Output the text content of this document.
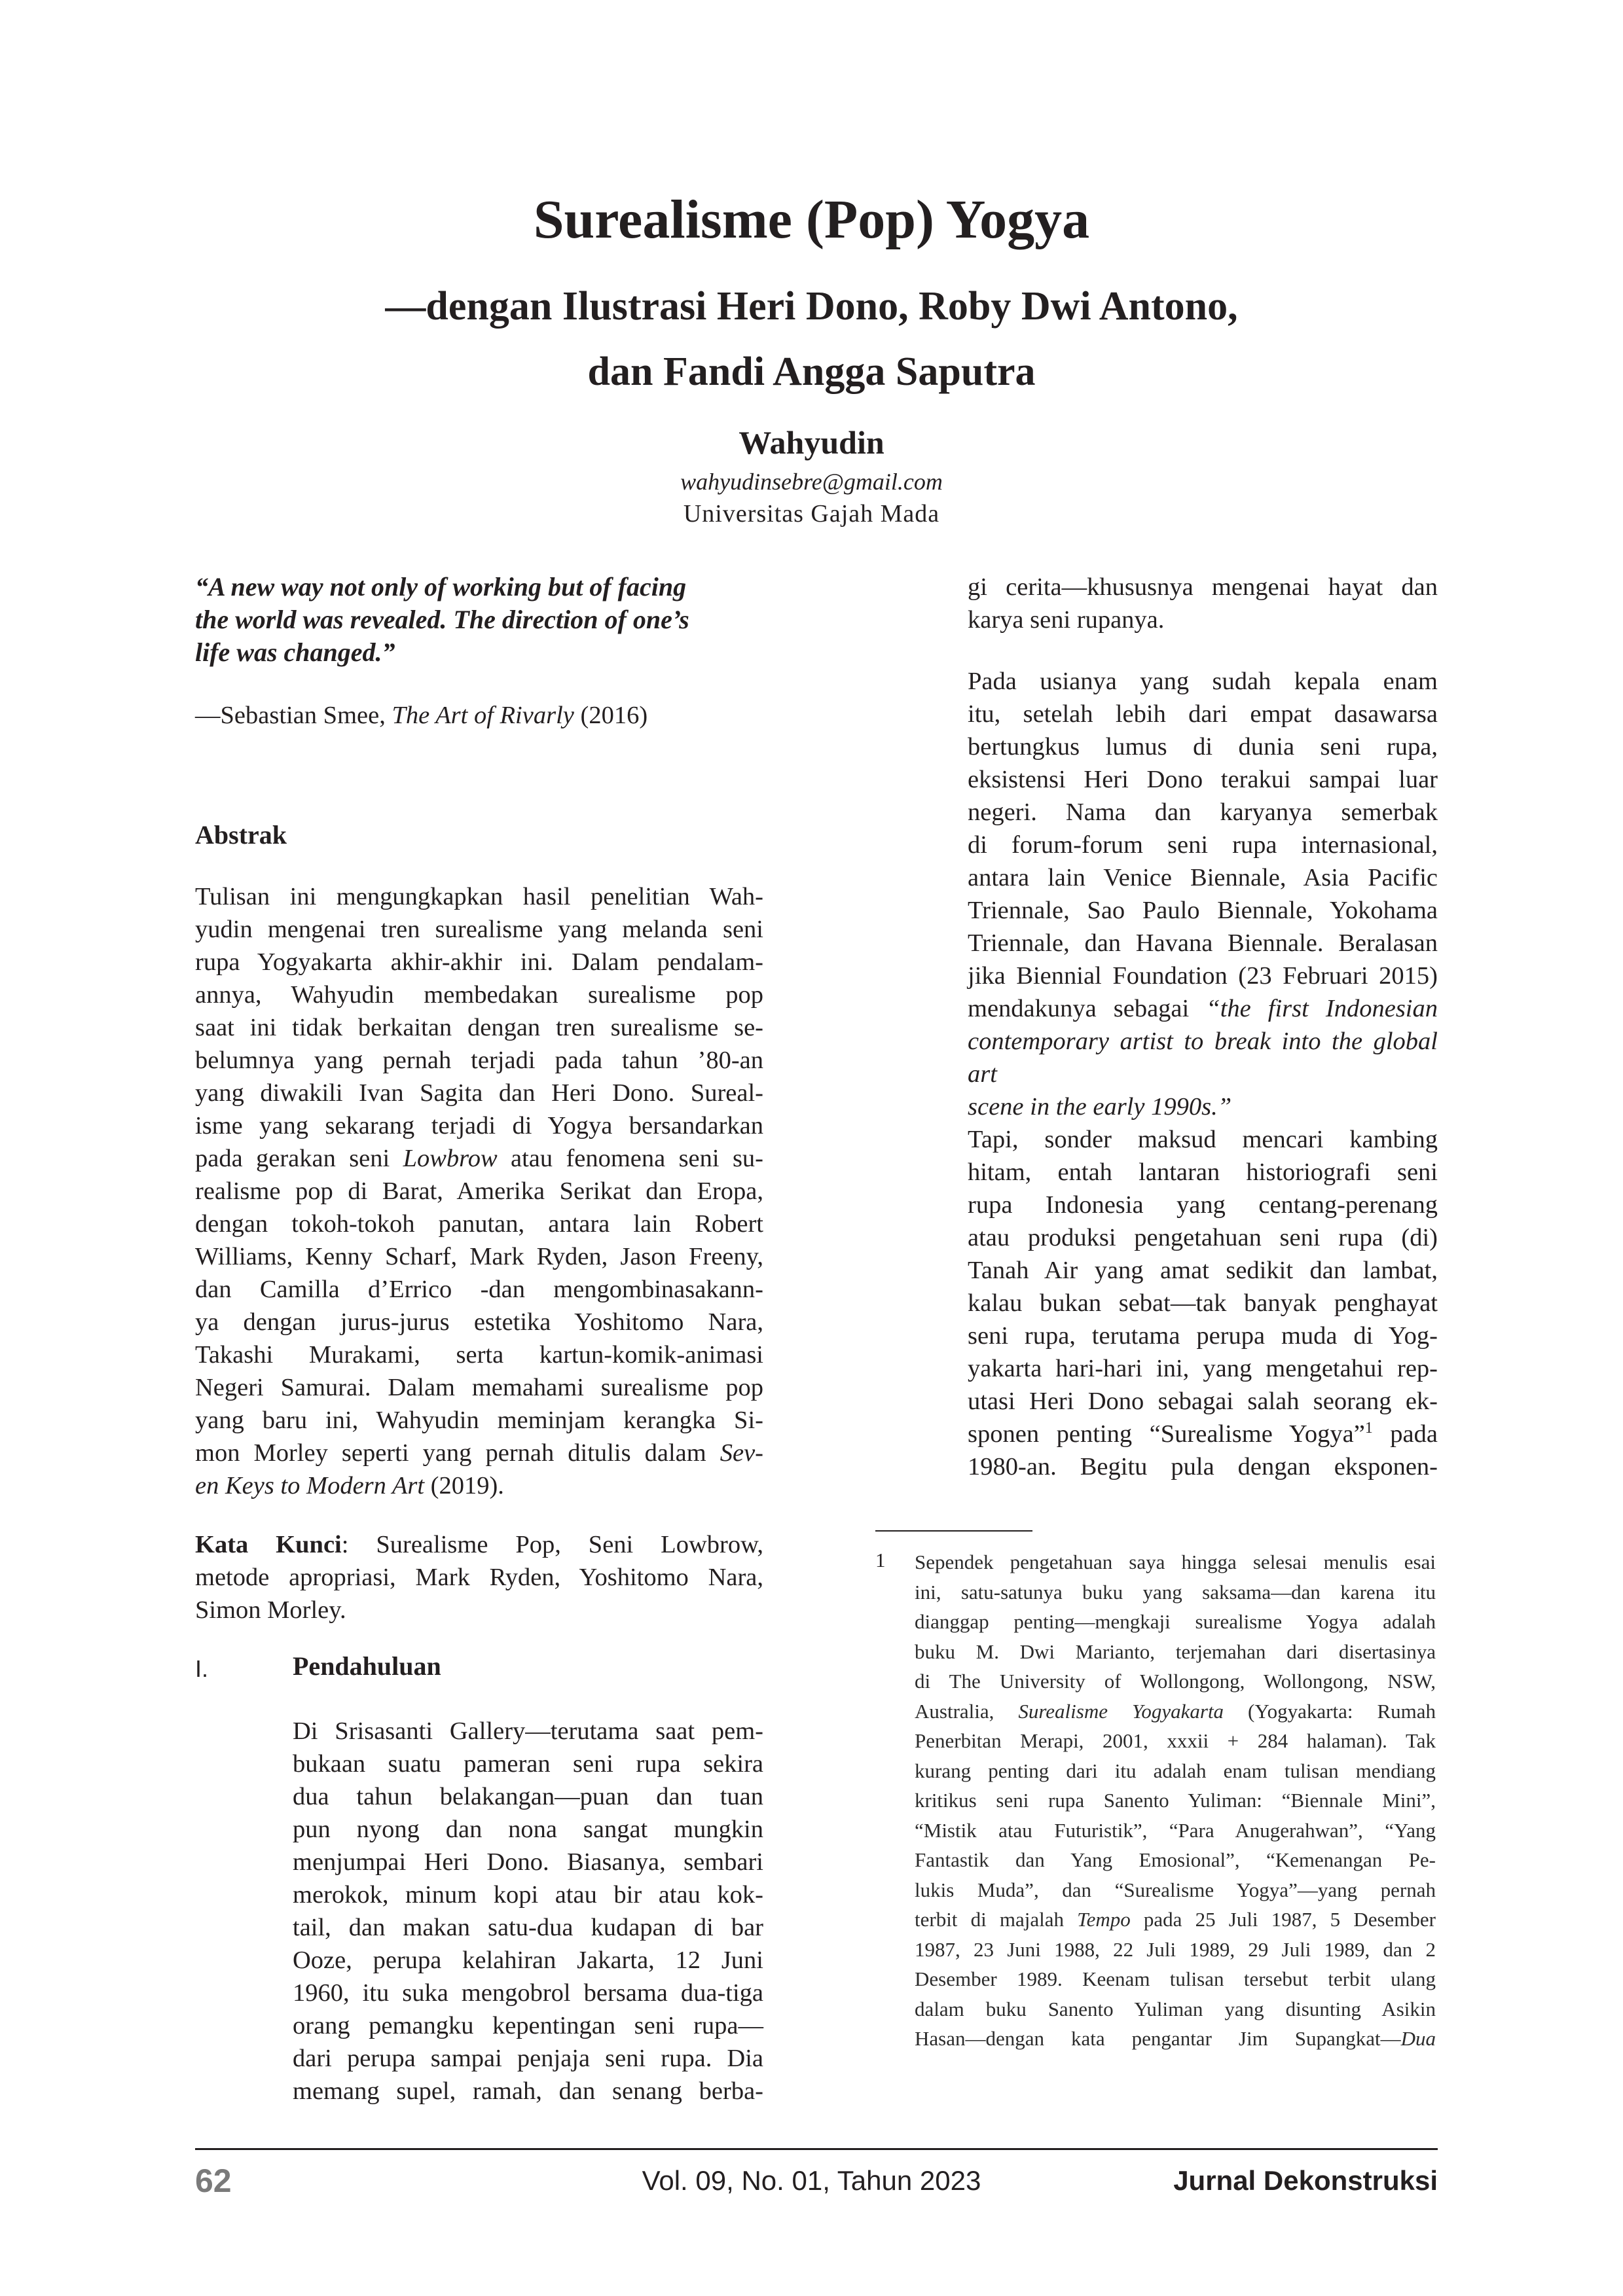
Surealisme (Pop) Yogya
—dengan Ilustrasi Heri Dono, Roby Dwi Antono,
dan Fandi Angga Saputra
Wahyudin
wahyudinsebre@gmail.com
Universitas Gajah Mada
“A new way not only of working but of facing
the world was revealed. The direction of one’s
life was changed.”
—Sebastian Smee, The Art of Rivarly (2016)
Abstrak
Tulisan ini mengungkapkan hasil penelitian Wah-
yudin mengenai tren surealisme yang melanda seni
rupa Yogyakarta akhir-akhir ini. Dalam pendalam-
annya, Wahyudin membedakan surealisme pop
saat ini tidak berkaitan dengan tren surealisme se-
belumnya yang pernah terjadi pada tahun ’80-an
yang diwakili Ivan Sagita dan Heri Dono. Sureal-
isme yang sekarang terjadi di Yogya bersandarkan
pada gerakan seni Lowbrow atau fenomena seni su-
realisme pop di Barat, Amerika Serikat dan Eropa,
dengan tokoh-tokoh panutan, antara lain Robert
Williams, Kenny Scharf, Mark Ryden, Jason Freeny,
dan Camilla d’Errico -dan mengombinasakann-
ya dengan jurus-jurus estetika Yoshitomo Nara,
Takashi Murakami, serta kartun-komik-animasi
Negeri Samurai. Dalam memahami surealisme pop
yang baru ini, Wahyudin meminjam kerangka Si-
mon Morley seperti yang pernah ditulis dalam Sev-
en Keys to Modern Art (2019).
Kata Kunci: Surealisme Pop, Seni Lowbrow,
metode apropriasi, Mark Ryden, Yoshitomo Nara,
Simon Morley.
I.	Pendahuluan
Di Srisasanti Gallery—terutama saat pem-
bukaan suatu pameran seni rupa sekira
dua tahun belakangan—puan dan tuan
pun nyong dan nona sangat mungkin
menjumpai Heri Dono. Biasanya, sembari
merokok, minum kopi atau bir atau kok-
tail, dan makan satu-dua kudapan di bar
Ooze, perupa kelahiran Jakarta, 12 Juni
1960, itu suka mengobrol bersama dua-tiga
orang pemangku kepentingan seni rupa—
dari perupa sampai penjaja seni rupa. Dia
memang supel, ramah, dan senang berba-
gi cerita—khususnya mengenai hayat dan
karya seni rupanya.
Pada usianya yang sudah kepala enam
itu, setelah lebih dari empat dasawarsa
bertungkus lumus di dunia seni rupa,
eksistensi Heri Dono terakui sampai luar
negeri. Nama dan karyanya semerbak
di forum-forum seni rupa internasional,
antara lain Venice Biennale, Asia Pacific
Triennale, Sao Paulo Biennale, Yokohama
Triennale, dan Havana Biennale. Beralasan
jika Biennial Foundation (23 Februari 2015)
mendakunya sebagai “the first Indonesian
contemporary artist to break into the global art
scene in the early 1990s.”
Tapi, sonder maksud mencari kambing
hitam, entah lantaran historiografi seni
rupa Indonesia yang centang-perenang
atau produksi pengetahuan seni rupa (di)
Tanah Air yang amat sedikit dan lambat,
kalau bukan sebat—tak banyak penghayat
seni rupa, terutama perupa muda di Yog-
yakarta hari-hari ini, yang mengetahui rep-
utasi Heri Dono sebagai salah seorang ek-
sponen penting “Surealisme Yogya”$^1$ pada
1980-an. Begitu pula dengan eksponen-
1 Sependek pengetahuan saya hingga selesai menulis esai
ini, satu-satunya buku yang saksama—dan karena itu
dianggap penting—mengkaji surealisme Yogya adalah
buku M. Dwi Marianto, terjemahan dari disertasinya
di The University of Wollongong, Wollongong, NSW,
Australia, Surealisme Yogyakarta (Yogyakarta: Rumah
Penerbitan Merapi, 2001, xxxii + 284 halaman). Tak
kurang penting dari itu adalah enam tulisan mendiang
kritikus seni rupa Sanento Yuliman: “Biennale Mini”,
“Mistik atau Futuristik”, “Para Anugerahwan”, “Yang
Fantastik dan Yang Emosional”, “Kemenangan Pe-
lukis Muda”, dan “Surealisme Yogya”—yang pernah
terbit di majalah Tempo pada 25 Juli 1987, 5 Desember
1987, 23 Juni 1988, 22 Juli 1989, 29 Juli 1989, dan 2
Desember 1989. Keenam tulisan tersebut terbit ulang
dalam buku Sanento Yuliman yang disunting Asikin
Hasan—dengan kata pengantar Jim Supangkat—Dua
62	Vol. 09, No. 01, Tahun 2023	Jurnal Dekonstruksi
